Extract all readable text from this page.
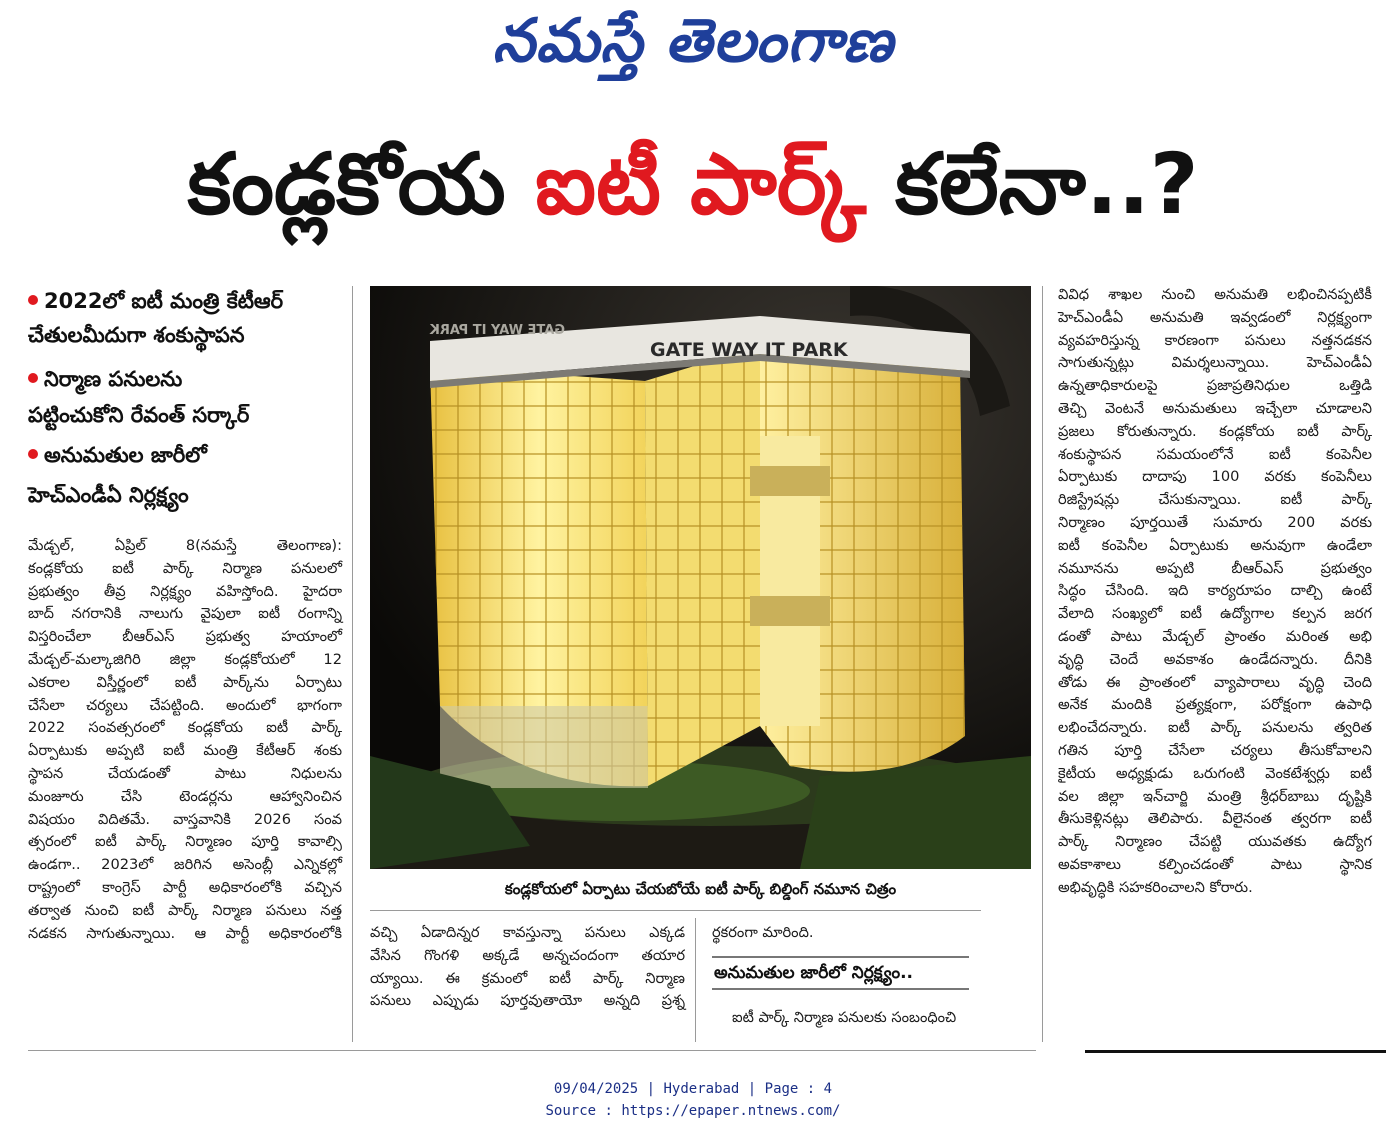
నమస్తే తెలంగాణ
కండ్లకోయ ఐటీ పార్క్ కలేనా..?
2022లో ఐటీ మంత్రి కేటీఆర్
చేతులమీదుగా శంకుస్థాపన
నిర్మాణ పనులను
పట్టించుకోని రేవంత్ సర్కార్
అనుమతుల జారీలో
హెచ్ఎండీఏ నిర్లక్ష్యం

మేడ్చల్, ఏప్రిల్ 8(నమస్తే తెలంగాణ):

కండ్లకోయ ఐటీ పార్క్ నిర్మాణ పనులలో

ప్రభుత్వం తీవ్ర నిర్లక్ష్యం వహిస్తోంది. హైదరా

బాద్ నగరానికి నాలుగు వైపులా ఐటీ రంగాన్ని

విస్తరించేలా బీఆర్ఎస్ ప్రభుత్వ హయాంలో

మేడ్చల్-మల్కాజిగిరి జిల్లా కండ్లకోయలో 12

ఎకరాల విస్తీర్ణంలో ఐటీ పార్క్‌ను ఏర్పాటు

చేసేలా చర్యలు చేపట్టింది. అందులో భాగంగా

2022 సంవత్సరంలో కండ్లకోయ ఐటీ పార్క్

ఏర్పాటుకు అప్పటి ఐటీ మంత్రి కేటీఆర్ శంకు

స్థాపన చేయడంతో పాటు నిధులను

మంజూరు చేసి టెండర్లను ఆహ్వానించిన

విషయం విదితమే. వాస్తవానికి 2026 సంవ

త్సరంలో ఐటీ పార్క్ నిర్మాణం పూర్తి కావాల్సి

ఉండగా.. 2023లో జరిగిన అసెంబ్లీ ఎన్నికల్లో

రాష్ట్రంలో కాంగ్రెస్ పార్టీ అధికారంలోకి వచ్చిన

తర్వాత నుంచి ఐటీ పార్క్ నిర్మాణ పనులు నత్త

నడకన సాగుతున్నాయి. ఆ పార్టీ అధికారంలోకి

GATE WAY IT PARK
GATE WAY IT PARK
కండ్లకోయలో ఏర్పాటు చేయబోయే ఐటీ పార్క్ బిల్డింగ్ నమూన చిత్రం

వచ్చి ఏడాదిన్నర కావస్తున్నా పనులు ఎక్కడ

వేసిన గొంగళి అక్కడే అన్నచందంగా తయార

య్యాయి. ఈ క్రమంలో ఐటీ పార్క్ నిర్మాణ

పనులు ఎప్పుడు పూర్తవుతాయో అన్నది ప్రశ్న

ర్థకరంగా మారింది.

అనుమతుల జారీలో నిర్లక్ష్యం..

ఐటీ పార్క్ నిర్మాణ పనులకు సంబంధించి

వివిధ శాఖల నుంచి అనుమతి లభించినప్పటికీ

హెచ్ఎండీఏ అనుమతి ఇవ్వడంలో నిర్లక్ష్యంగా

వ్యవహరిస్తున్న కారణంగా పనులు నత్తనడకన

సాగుతున్నట్లు విమర్శలున్నాయి. హెచ్ఎండీఏ

ఉన్నతాధికారులపై ప్రజాప్రతినిధుల ఒత్తిడి

తెచ్చి వెంటనే అనుమతులు ఇచ్చేలా చూడాలని

ప్రజలు కోరుతున్నారు. కండ్లకోయ ఐటీ పార్క్

శంకుస్థాపన సమయంలోనే ఐటీ కంపెనీల

ఏర్పాటుకు దాదాపు 100 వరకు కంపెనీలు

రిజిస్ట్రేషన్లు చేసుకున్నాయి. ఐటీ పార్క్

నిర్మాణం పూర్తయితే సుమారు 200 వరకు

ఐటీ కంపెనీల ఏర్పాటుకు అనువుగా ఉండేలా

నమూనను అప్పటి బీఆర్ఎస్ ప్రభుత్వం

సిద్ధం చేసింది. ఇది కార్యరూపం దాల్చి ఉంటే

వేలాది సంఖ్యలో ఐటీ ఉద్యోగాల కల్పన జరగ

డంతో పాటు మేడ్చల్ ప్రాంతం మరింత అభి

వృద్ధి చెందే అవకాశం ఉండేదన్నారు. దీనికి

తోడు ఈ ప్రాంతంలో వ్యాపారాలు వృద్ధి చెంది

అనేక మందికి ప్రత్యక్షంగా, పరోక్షంగా ఉపాధి

లభించేదన్నారు. ఐటీ పార్క్ పనులను త్వరిత

గతిన పూర్తి చేసేలా చర్యలు తీసుకోవాలని

కైటీయ అధ్యక్షుడు ఒరుగంటి వెంకటేశ్వర్లు ఐటీ

వల జిల్లా ఇన్‌చార్జి మంత్రి శ్రీధర్‌బాబు దృష్టికి

తీసుకెళ్లినట్లు తెలిపారు. వీలైనంత త్వరగా ఐటీ

పార్క్ నిర్మాణం చేపట్టి యువతకు ఉద్యోగ

అవకాశాలు కల్పించడంతో పాటు స్థానిక

అభివృద్ధికి సహకరించాలని కోరారు.

09/04/2025 | Hyderabad | Page : 4
Source : https://epaper.ntnews.com/
